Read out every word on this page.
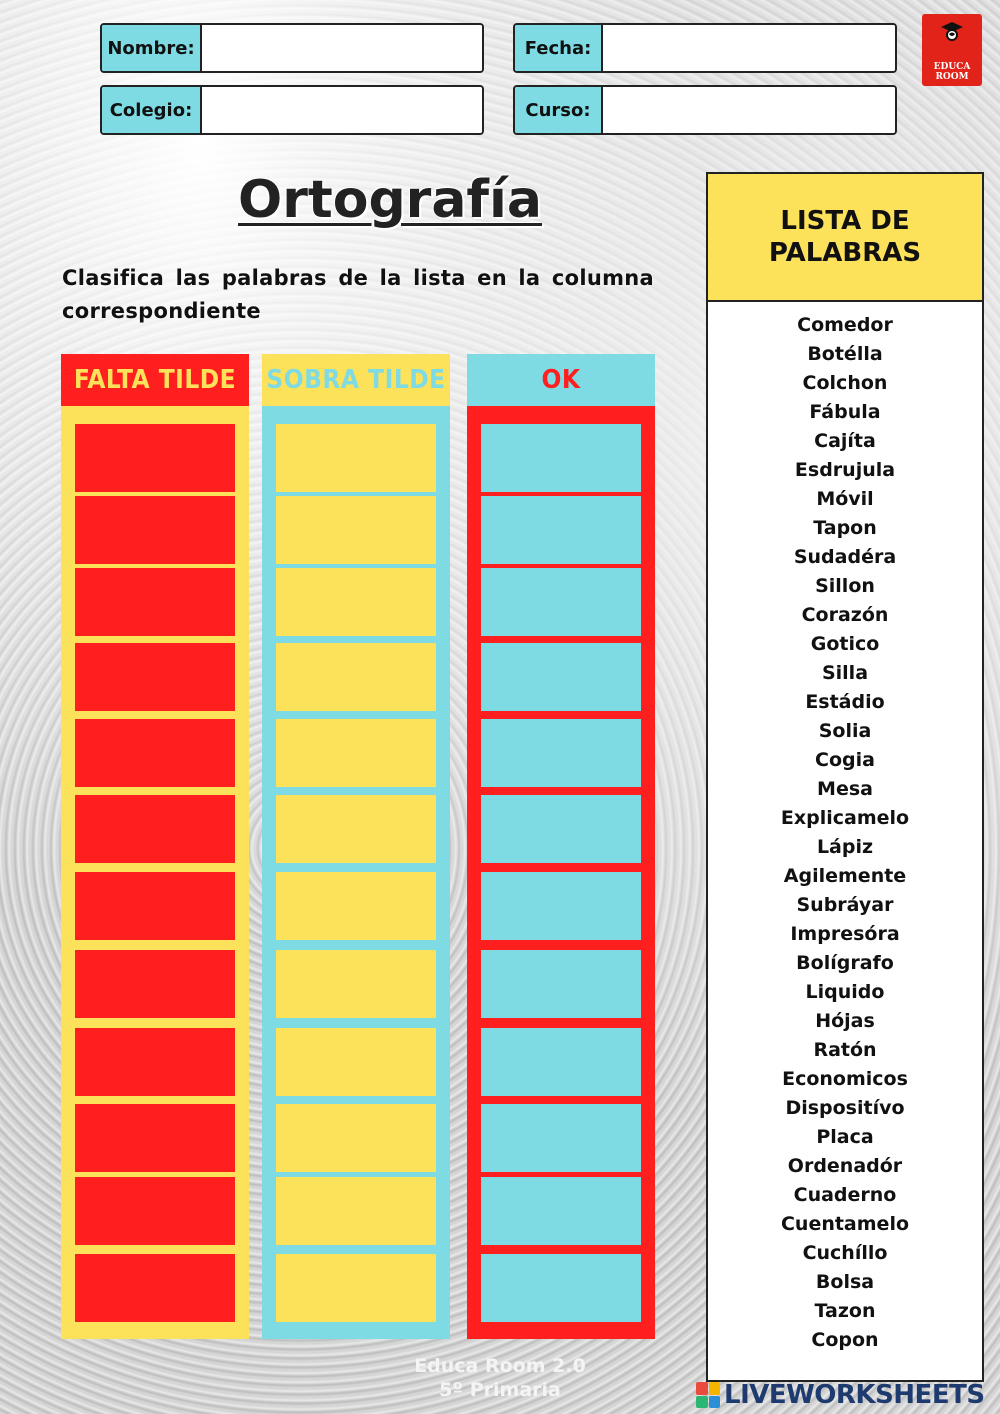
Nombre:	Fecha:
Colegio:	Curso:
EDUCA
ROOM
Ortografía
Clasifica las palabras de la lista en la columna correspondiente
FALTA TILDE	SOBRA TILDE	OK
LISTA DE
PALABRAS
Comedor
Botélla
Colchon
Fábula
Cajíta
Esdrujula
Móvil
Tapon
Sudadéra
Sillon
Corazón
Gotico
Silla
Estádio
Solia
Cogia
Mesa
Explicamelo
Lápiz
Agilemente
Subráyar
Impresóra
Bolígrafo
Liquido
Hójas
Ratón
Economicos
Dispositívo
Placa
Ordenadór
Cuaderno
Cuentamelo
Cuchíllo
Bolsa
Tazon
Copon
Educa Room 2.0
5º Primaria	LIVEWORKSHEETS
